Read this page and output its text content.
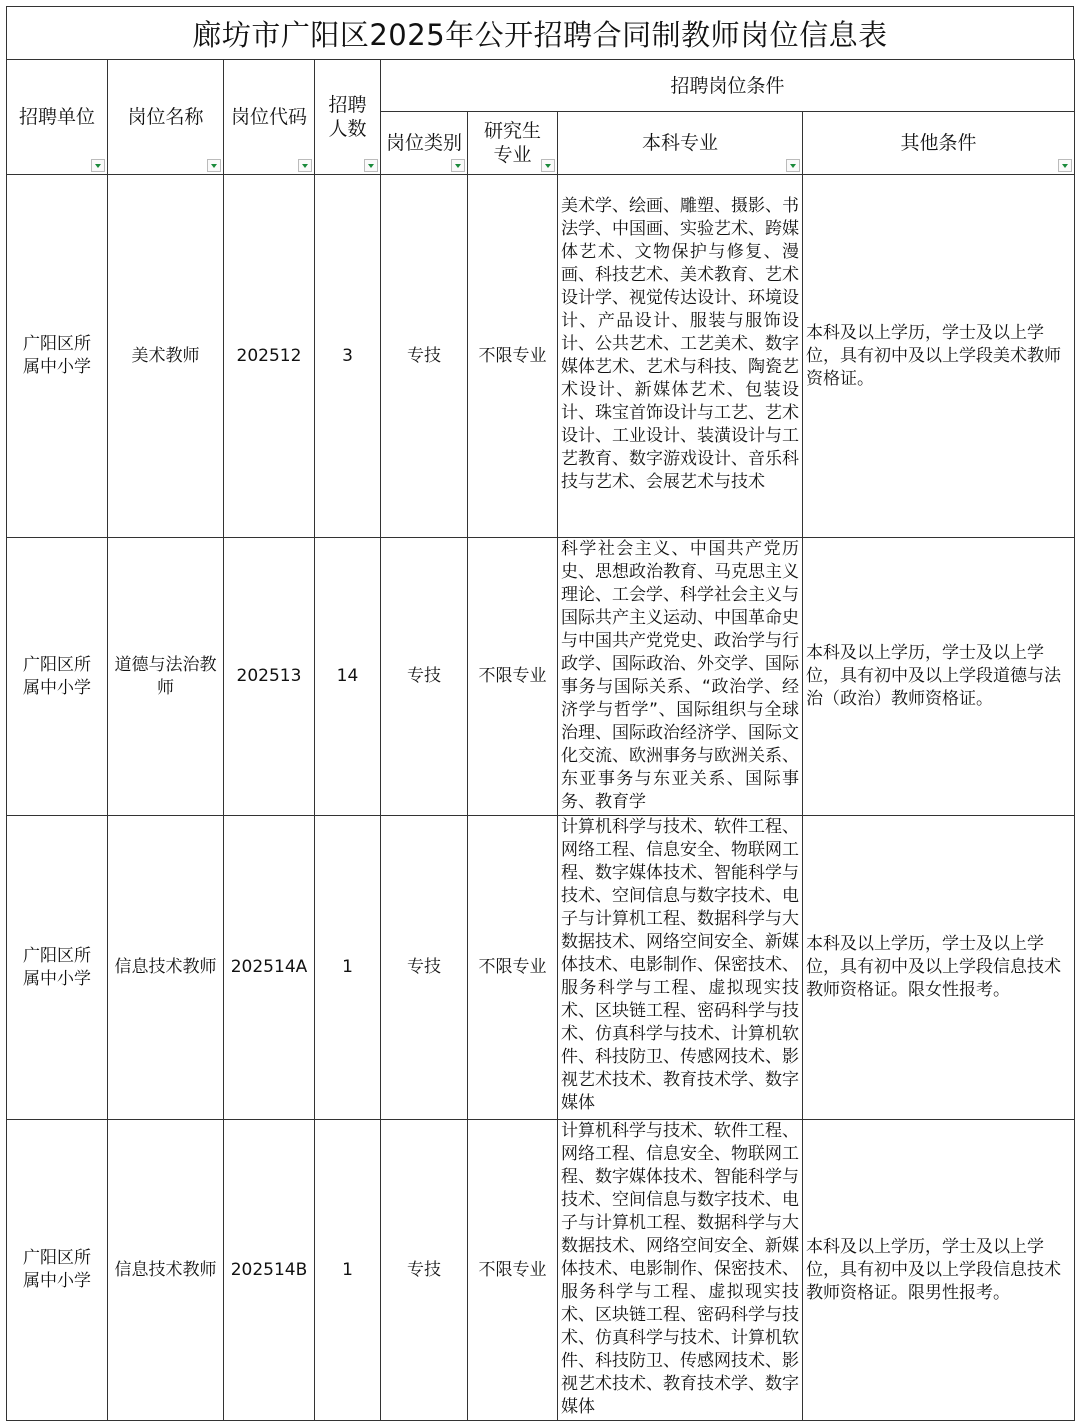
廊坊市广阳区2025年公开招聘合同制教师岗位信息表
招聘单位	岗位名称	岗位代码	招聘人数	招聘岗位条件			
				岗位类别	研究生专业	本科专业	其他条件

广阳区所属中小学	美术教师	202512	3	专技	不限专业	美术学、绘画、雕塑、摄影、书法学、中国画、实验艺术、跨媒体艺术、文物保护与修复、漫画、科技艺术、美术教育、艺术设计学、视觉传达设计、环境设计、产品设计、服装与服饰设计、公共艺术、工艺美术、数字媒体艺术、艺术与科技、陶瓷艺术设计、新媒体艺术、包装设计、珠宝首饰设计与工艺、艺术设计、工业设计、装潢设计与工艺教育、数字游戏设计、音乐科技与艺术、会展艺术与技术	本科及以上学历，学士及以上学位，具有初中及以上学段美术教师资格证。

广阳区所属中小学	道德与法治教师	202513	14	专技	不限专业	科学社会主义、中国共产党历史、思想政治教育、马克思主义理论、工会学、科学社会主义与国际共产主义运动、中国革命史与中国共产党党史、政治学与行政学、国际政治、外交学、国际事务与国际关系、“政治学、经济学与哲学”、国际组织与全球治理、国际政治经济学、国际文化交流、欧洲事务与欧洲关系、东亚事务与东亚关系、国际事务、教育学	本科及以上学历，学士及以上学位，具有初中及以上学段道德与法治（政治）教师资格证。

广阳区所属中小学	信息技术教师	202514A	1	专技	不限专业	计算机科学与技术、软件工程、网络工程、信息安全、物联网工程、数字媒体技术、智能科学与技术、空间信息与数字技术、电子与计算机工程、数据科学与大数据技术、网络空间安全、新媒体技术、电影制作、保密技术、服务科学与工程、虚拟现实技术、区块链工程、密码科学与技术、仿真科学与技术、计算机软件、科技防卫、传感网技术、影视艺术技术、教育技术学、数字媒体	本科及以上学历，学士及以上学位，具有初中及以上学段信息技术教师资格证。限女性报考。

广阳区所属中小学	信息技术教师	202514B	1	专技	不限专业	计算机科学与技术、软件工程、网络工程、信息安全、物联网工程、数字媒体技术、智能科学与技术、空间信息与数字技术、电子与计算机工程、数据科学与大数据技术、网络空间安全、新媒体技术、电影制作、保密技术、服务科学与工程、虚拟现实技术、区块链工程、密码科学与技术、仿真科学与技术、计算机软件、科技防卫、传感网技术、影视艺术技术、教育技术学、数字媒体	本科及以上学历，学士及以上学位，具有初中及以上学段信息技术教师资格证。限男性报考。
